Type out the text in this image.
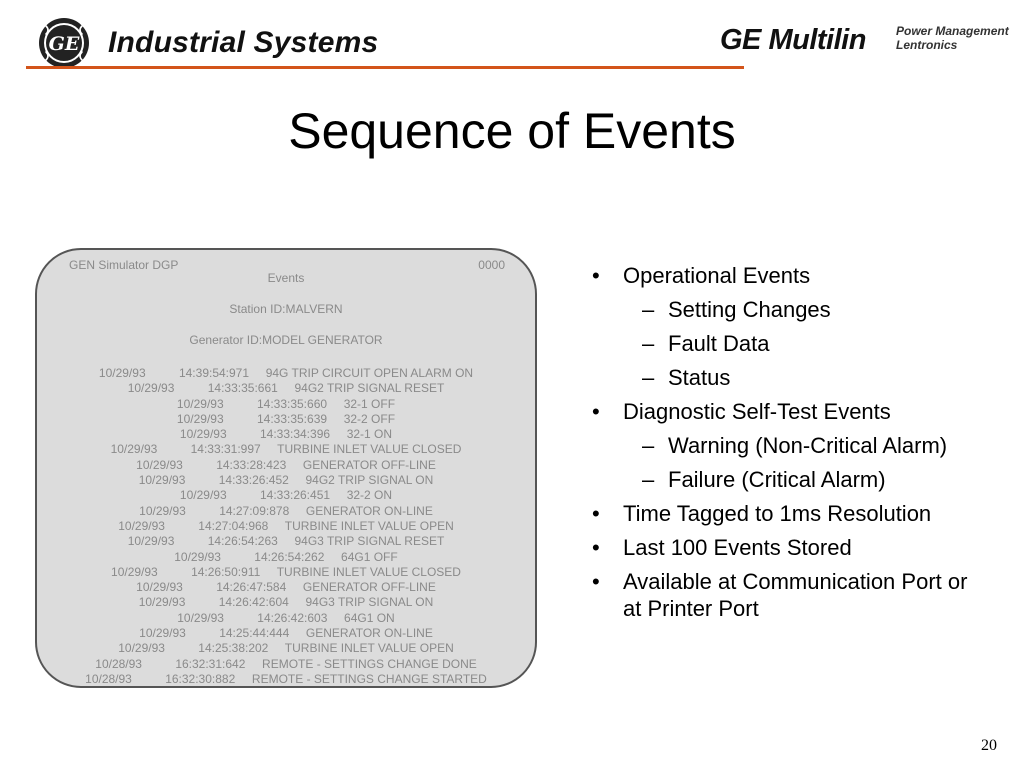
GE Industrial Systems	GE Multilin	Power Management
Lentronics
Sequence of Events
GEN Simulator DGP	0000
Events
Station ID:MALVERN
Generator ID:MODEL GENERATOR
10/29/93          14:39:54:971     94G TRIP CIRCUIT OPEN ALARM ON
10/29/93          14:33:35:661     94G2 TRIP SIGNAL RESET
10/29/93          14:33:35:660     32-1 OFF
10/29/93          14:33:35:639     32-2 OFF
10/29/93          14:33:34:396     32-1 ON
10/29/93          14:33:31:997     TURBINE INLET VALUE CLOSED
10/29/93          14:33:28:423     GENERATOR OFF-LINE
10/29/93          14:33:26:452     94G2 TRIP SIGNAL ON
10/29/93          14:33:26:451     32-2 ON
10/29/93          14:27:09:878     GENERATOR ON-LINE
10/29/93          14:27:04:968     TURBINE INLET VALUE OPEN
10/29/93          14:26:54:263     94G3 TRIP SIGNAL RESET
10/29/93          14:26:54:262     64G1 OFF
10/29/93          14:26:50:911     TURBINE INLET VALUE CLOSED
10/29/93          14:26:47:584     GENERATOR OFF-LINE
10/29/93          14:26:42:604     94G3 TRIP SIGNAL ON
10/29/93          14:26:42:603     64G1 ON
10/29/93          14:25:44:444     GENERATOR ON-LINE
10/29/93          14:25:38:202     TURBINE INLET VALUE OPEN
10/28/93          16:32:31:642     REMOTE - SETTINGS CHANGE DONE
10/28/93          16:32:30:882     REMOTE - SETTINGS CHANGE STARTED
• Operational Events
– Setting Changes
– Fault Data
– Status
• Diagnostic Self-Test Events
– Warning (Non-Critical Alarm)
– Failure (Critical Alarm)
• Time Tagged to 1ms Resolution
• Last 100 Events Stored
• Available at Communication Port or at Printer Port
20
